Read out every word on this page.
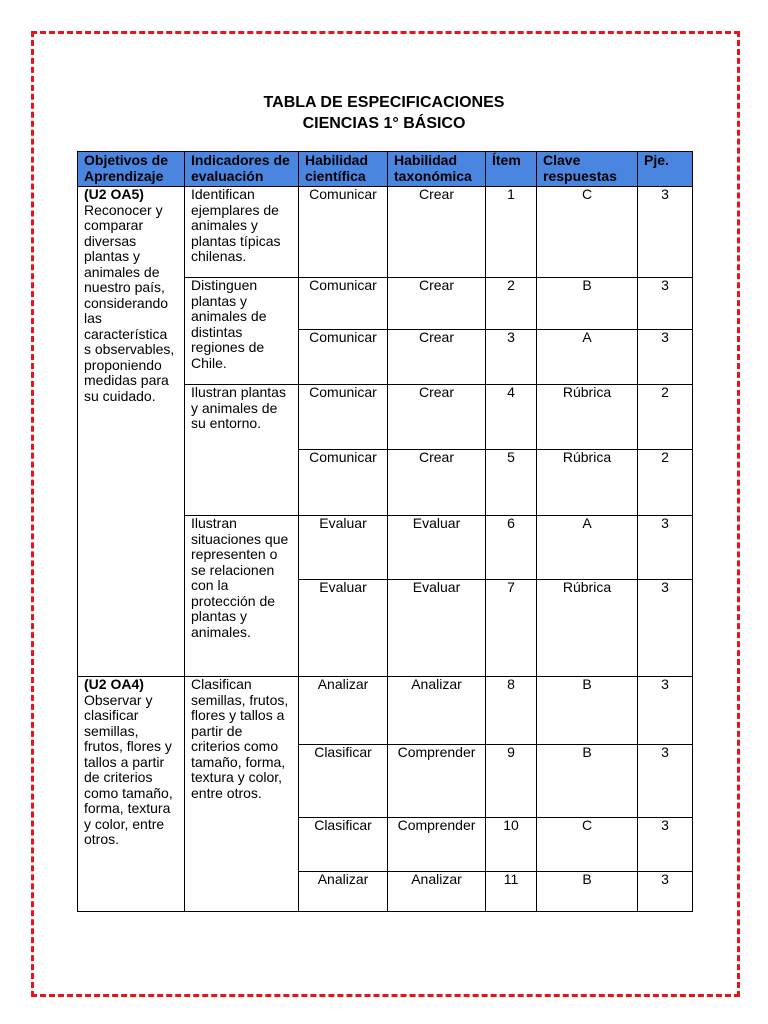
TABLA DE ESPECIFICACIONES
CIENCIAS 1° BÁSICO
Objetivos de Aprendizaje	Indicadores de evaluación	Habilidad científica	Habilidad taxonómica	Ítem	Clave respuestas	Pje.

(U2 OA5)
Reconocer y comparar diversas plantas y animales de nuestro país, considerando las característica s observables, proponiendo medidas para su cuidado.	Identifican ejemplares de animales y plantas típicas chilenas.	Comunicar	Crear	1	C	3
	Distinguen plantas y animales de distintas regiones de Chile.	Comunicar	Crear	2	B	3
		Comunicar	Crear	3	A	3
	Ilustran plantas y animales de su entorno.	Comunicar	Crear	4	Rúbrica	2
		Comunicar	Crear	5	Rúbrica	2
	Ilustran situaciones que representen o se relacionen con la protección de plantas y animales.	Evaluar	Evaluar	6	A	3
		Evaluar	Evaluar	7	Rúbrica	3

(U2 OA4)
Observar y clasificar semillas, frutos, flores y tallos a partir de criterios como tamaño, forma, textura y color, entre otros.	Clasifican semillas, frutos, flores y tallos a partir de criterios como tamaño, forma, textura y color, entre otros.	Analizar	Analizar	8	B	3
		Clasificar	Comprender	9	B	3
		Clasificar	Comprender	10	C	3
		Analizar	Analizar	11	B	3
